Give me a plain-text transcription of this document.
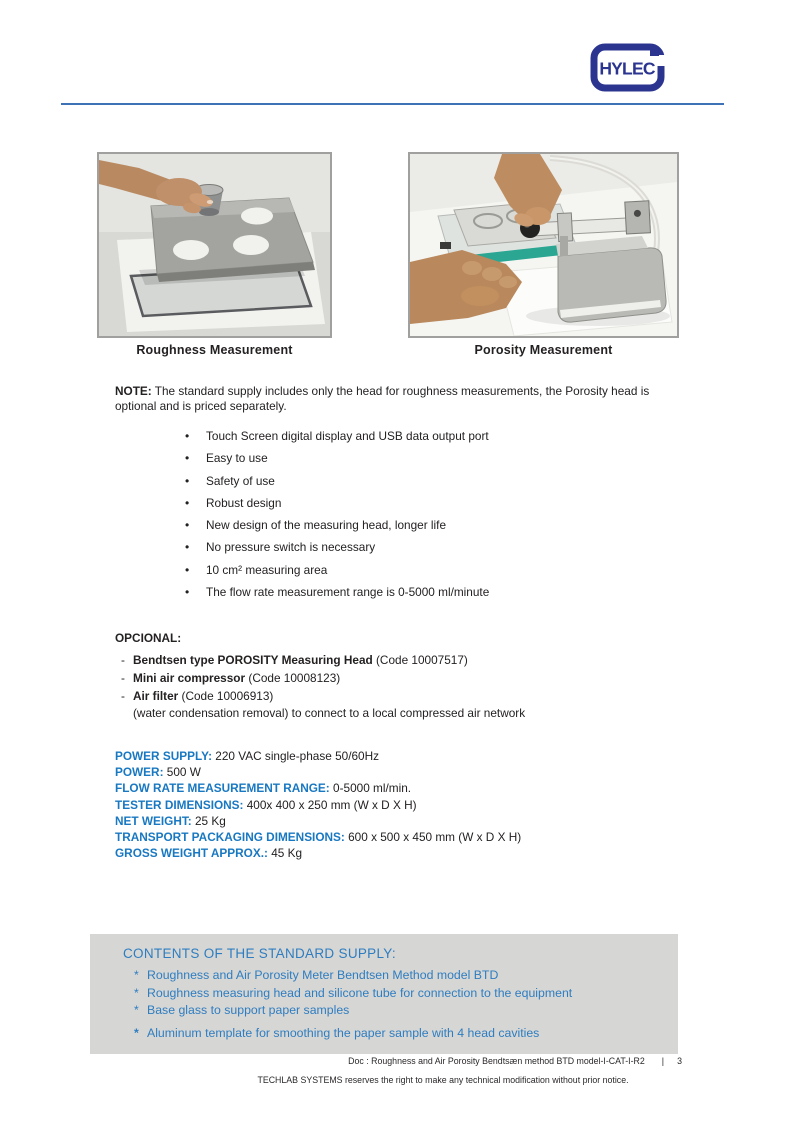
HYLEC
Roughness Measurement	Porosity Measurement

NOTE: The standard supply includes only the head for roughness measurements, the Porosity head is optional and is priced separately.

• Touch Screen digital display and USB data output port
• Easy to use
• Safety of use
• Robust design
• New design of the measuring head, longer life
• No pressure switch is necessary
• 10 cm² measuring area
• The flow rate measurement range is 0-5000 ml/minute
OPCIONAL:
- Bendtsen type POROSITY Measuring Head (Code 10007517)
- Mini air compressor (Code 10008123)
- Air filter (Code 10006913)
(water condensation removal) to connect to a local compressed air network
POWER SUPPLY: 220 VAC single-phase 50/60Hz
POWER: 500 W
FLOW RATE MEASUREMENT RANGE: 0-5000 ml/min.
TESTER DIMENSIONS: 400x 400 x 250 mm (W x D X H)
NET WEIGHT: 25 Kg
TRANSPORT PACKAGING DIMENSIONS: 600 x 500 x 450 mm (W x D X H)
GROSS WEIGHT APPROX.: 45 Kg
CONTENTS OF THE STANDARD SUPPLY:
* Roughness and Air Porosity Meter Bendtsen Method model BTD
* Roughness measuring head and silicone tube for connection to the equipment
* Base glass to support paper samples
* Aluminum template for smoothing the paper sample with 4 head cavities
Doc : Roughness and Air Porosity Bendtsæn method BTD model-I-CAT-I-R2 | 3
TECHLAB SYSTEMS reserves the right to make any technical modification without prior notice.
